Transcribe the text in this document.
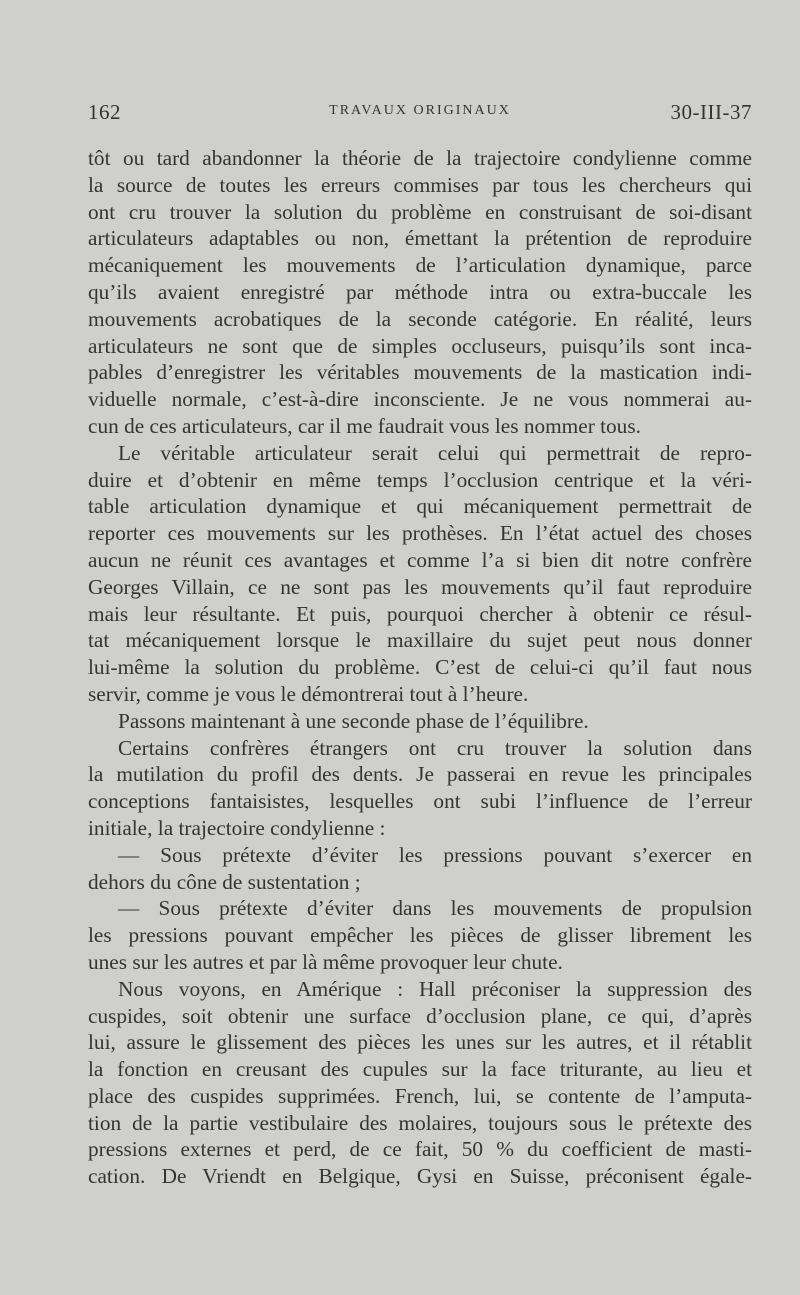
162	TRAVAUX ORIGINAUX	30-III-37
tôt ou tard abandonner la théorie de la trajectoire condylienne comme
la source de toutes les erreurs commises par tous les chercheurs qui
ont cru trouver la solution du problème en construisant de soi-disant
articulateurs adaptables ou non, émettant la prétention de reproduire
mécaniquement les mouvements de l’articulation dynamique, parce
qu’ils avaient enregistré par méthode intra ou extra-buccale les
mouvements acrobatiques de la seconde catégorie. En réalité, leurs
articulateurs ne sont que de simples occluseurs, puisqu’ils sont inca-
pables d’enregistrer les véritables mouvements de la mastication indi-
viduelle normale, c’est-à-dire inconsciente. Je ne vous nommerai au-
cun de ces articulateurs, car il me faudrait vous les nommer tous.
Le véritable articulateur serait celui qui permettrait de repro-
duire et d’obtenir en même temps l’occlusion centrique et la véri-
table articulation dynamique et qui mécaniquement permettrait de
reporter ces mouvements sur les prothèses. En l’état actuel des choses
aucun ne réunit ces avantages et comme l’a si bien dit notre confrère
Georges Villain, ce ne sont pas les mouvements qu’il faut reproduire
mais leur résultante. Et puis, pourquoi chercher à obtenir ce résul-
tat mécaniquement lorsque le maxillaire du sujet peut nous donner
lui-même la solution du problème. C’est de celui-ci qu’il faut nous
servir, comme je vous le démontrerai tout à l’heure.
Passons maintenant à une seconde phase de l’équilibre.
Certains confrères étrangers ont cru trouver la solution dans
la mutilation du profil des dents. Je passerai en revue les principales
conceptions fantaisistes, lesquelles ont subi l’influence de l’erreur
initiale, la trajectoire condylienne :
— Sous prétexte d’éviter les pressions pouvant s’exercer en
dehors du cône de sustentation ;
— Sous prétexte d’éviter dans les mouvements de propulsion
les pressions pouvant empêcher les pièces de glisser librement les
unes sur les autres et par là même provoquer leur chute.
Nous voyons, en Amérique : Hall préconiser la suppression des
cuspides, soit obtenir une surface d’occlusion plane, ce qui, d’après
lui, assure le glissement des pièces les unes sur les autres, et il rétablit
la fonction en creusant des cupules sur la face triturante, au lieu et
place des cuspides supprimées. French, lui, se contente de l’amputa-
tion de la partie vestibulaire des molaires, toujours sous le prétexte des
pressions externes et perd, de ce fait, 50 % du coefficient de masti-
cation. De Vriendt en Belgique, Gysi en Suisse, préconisent égale-
